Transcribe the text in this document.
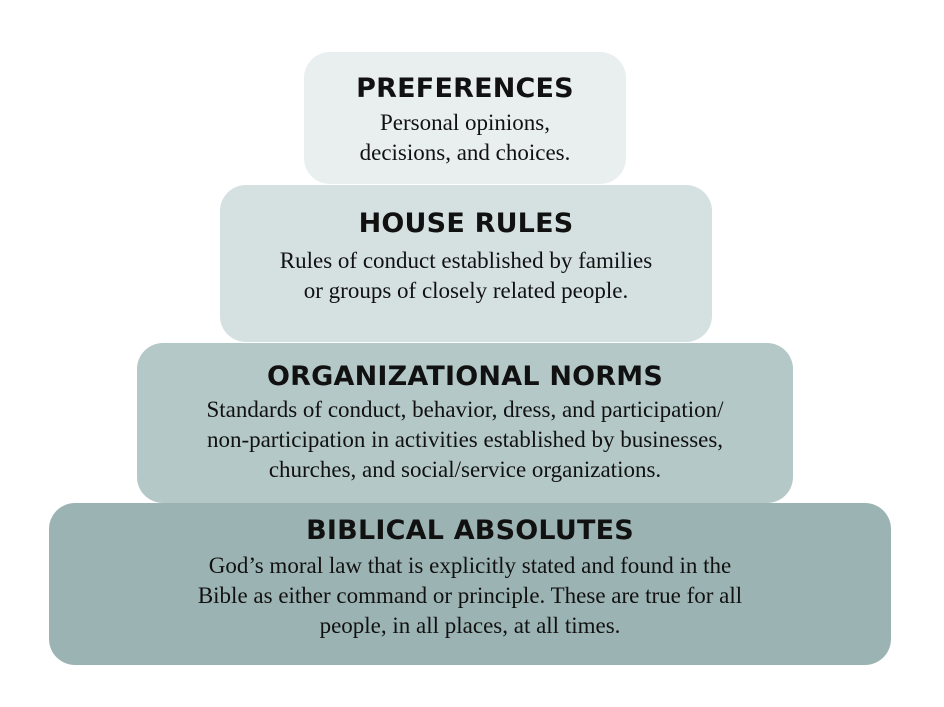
PREFERENCES
Personal opinions,
decisions, and choices.
HOUSE RULES
Rules of conduct established by families
or groups of closely related people.
ORGANIZATIONAL NORMS
Standards of conduct, behavior, dress, and participation/
non-participation in activities established by businesses,
churches, and social/service organizations.
BIBLICAL ABSOLUTES
God’s moral law that is explicitly stated and found in the
Bible as either command or principle. These are true for all
people, in all places, at all times.
